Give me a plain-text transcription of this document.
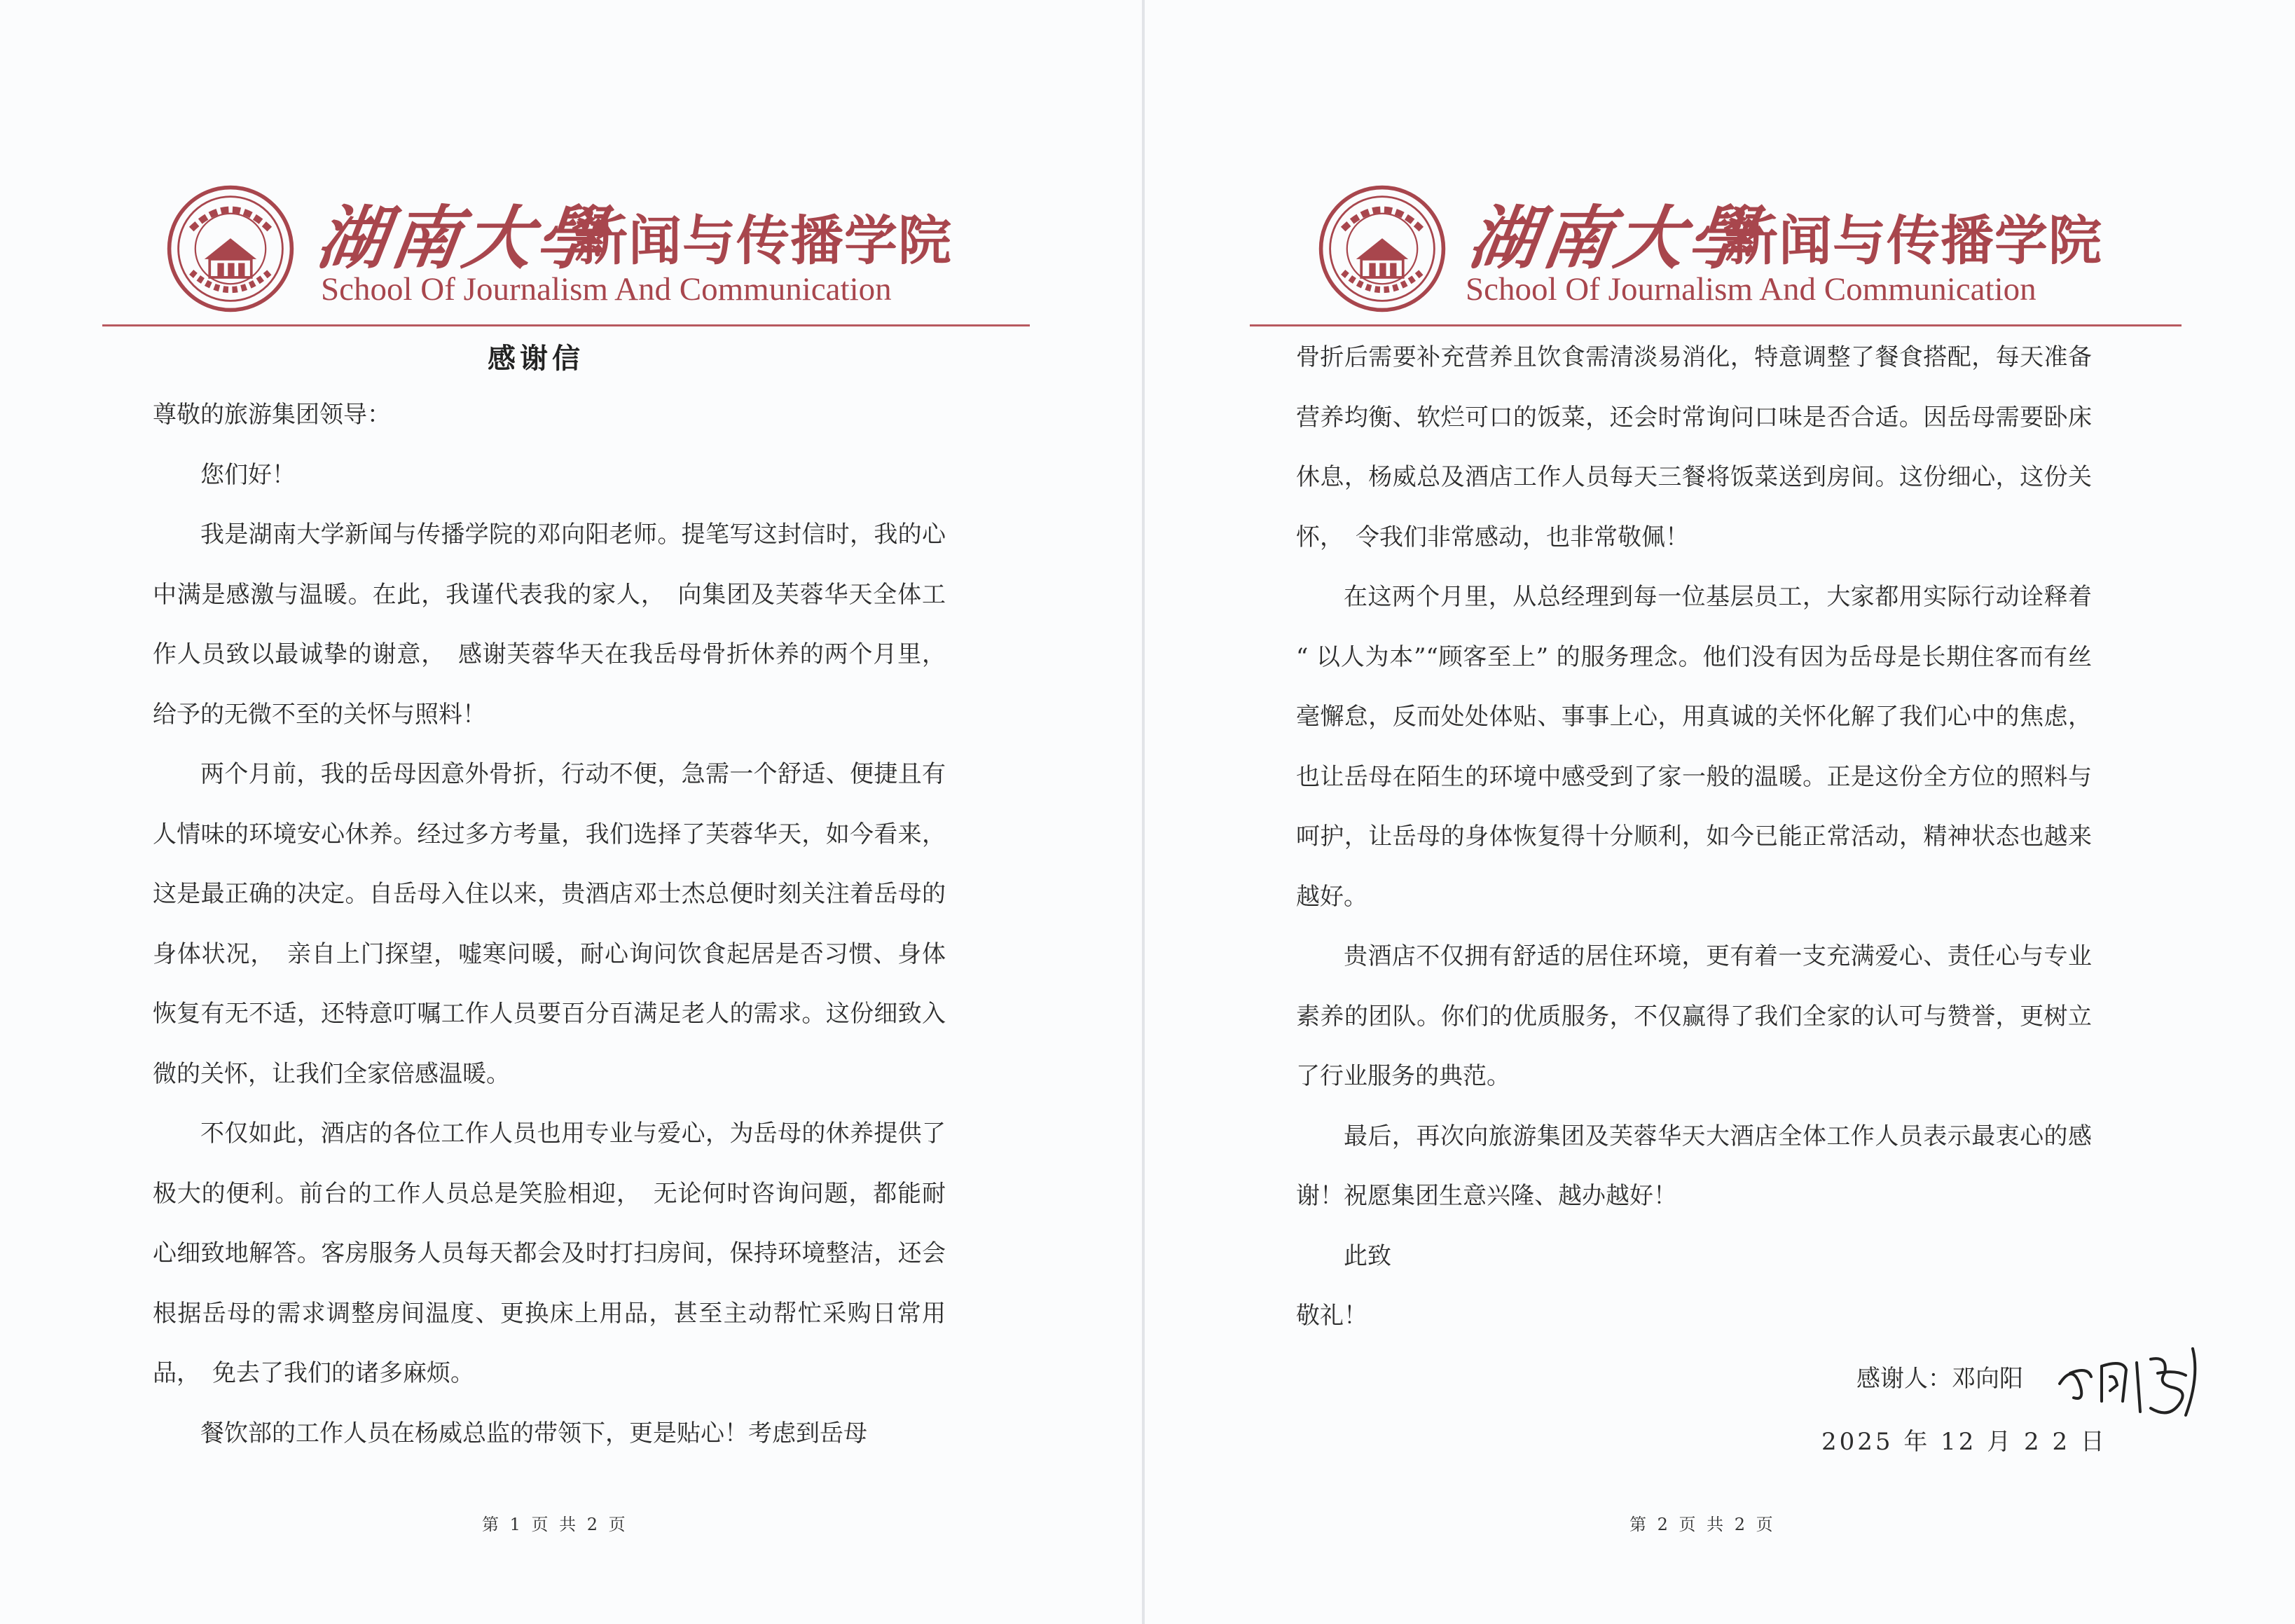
湖南大學
新闻与传播学院
School Of Journalism And Communication
感谢信

尊敬的旅游集团领导：

您们好！

我是湖南大学新闻与传播学院的邓向阳老师。提笔写这封信时，我的心中满是感激与温暖。在此，我谨代表我的家人，　向集团及芙蓉华天全体工作人员致以最诚挚的谢意，　感谢芙蓉华天在我岳母骨折休养的两个月里，给予的无微不至的关怀与照料！

两个月前，我的岳母因意外骨折，行动不便，急需一个舒适、便捷且有人情味的环境安心休养。经过多方考量，我们选择了芙蓉华天，如今看来，这是最正确的决定。自岳母入住以来，贵酒店邓士杰总便时刻关注着岳母的身体状况，　亲自上门探望，嘘寒问暖，耐心询问饮食起居是否习惯、身体恢复有无不适，还特意叮嘱工作人员要百分百满足老人的需求。这份细致入微的关怀，让我们全家倍感温暖。

不仅如此，酒店的各位工作人员也用专业与爱心，为岳母的休养提供了极大的便利。前台的工作人员总是笑脸相迎，　无论何时咨询问题，都能耐心细致地解答。客房服务人员每天都会及时打扫房间，保持环境整洁，还会根据岳母的需求调整房间温度、更换床上用品，甚至主动帮忙采购日常用品，　免去了我们的诸多麻烦。

餐饮部的工作人员在杨威总监的带领下，更是贴心！考虑到岳母

第 1 页 共 2 页
湖南大學
新闻与传播学院
School Of Journalism And Communication

骨折后需要补充营养且饮食需清淡易消化，特意调整了餐食搭配，每天准备营养均衡、软烂可口的饭菜，还会时常询问口味是否合适。因岳母需要卧床休息，杨威总及酒店工作人员每天三餐将饭菜送到房间。这份细心，这份关怀，　令我们非常感动，也非常敬佩！

在这两个月里，从总经理到每一位基层员工，大家都用实际行动诠释着 “ 以人为本”“顾客至上” 的服务理念。他们没有因为岳母是长期住客而有丝毫懈怠，反而处处体贴、事事上心，用真诚的关怀化解了我们心中的焦虑，也让岳母在陌生的环境中感受到了家一般的温暖。正是这份全方位的照料与呵护，让岳母的身体恢复得十分顺利，如今已能正常活动，精神状态也越来越好。

贵酒店不仅拥有舒适的居住环境，更有着一支充满爱心、责任心与专业素养的团队。你们的优质服务，不仅赢得了我们全家的认可与赞誉，更树立了行业服务的典范。

最后，再次向旅游集团及芙蓉华天大酒店全体工作人员表示最衷心的感谢！祝愿集团生意兴隆、越办越好！

此致

敬礼！

第 2 页 共 2 页
感谢人：邓向阳
2025 年 12 月 2 2 日
